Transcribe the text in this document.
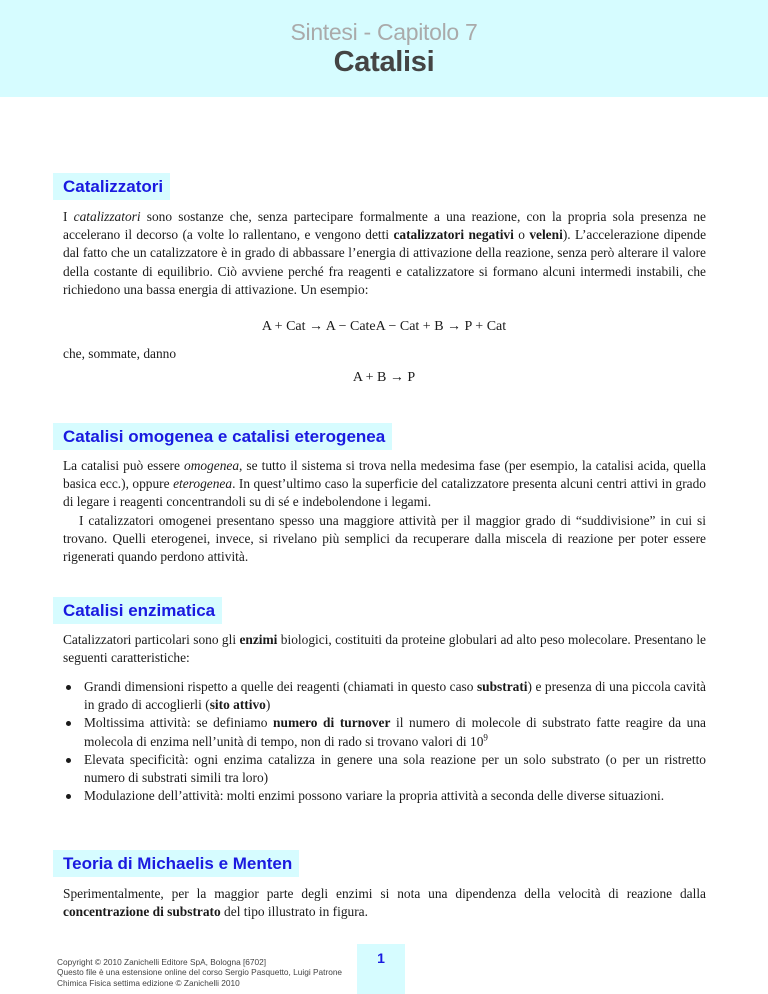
Sintesi - Capitolo 7
Catalisi
Catalizzatori
I catalizzatori sono sostanze che, senza partecipare formalmente a una reazione, con la propria sola presenza ne accelerano il decorso (a volte lo rallentano, e vengono detti catalizzatori negativi o veleni). L’accelerazione dipende dal fatto che un catalizzatore è in grado di abbassare l’energia di attivazione della reazione, senza però alterare il valore della costante di equilibrio. Ciò avviene perché fra reagenti e catalizzatore si formano alcuni intermedi instabili, che richiedono una bassa energia di attivazione. Un esempio:
A + Cat → A − CateA − Cat + B → P + Cat
che, sommate, danno
A + B → P
Catalisi omogenea e catalisi eterogenea
La catalisi può essere omogenea, se tutto il sistema si trova nella medesima fase (per esempio, la catalisi acida, quella basica ecc.), oppure eterogenea. In quest’ultimo caso la superficie del catalizzatore presenta alcuni centri attivi in grado di legare i reagenti concentrandoli su di sé e indebolendone i legami.
I catalizzatori omogenei presentano spesso una maggiore attività per il maggior grado di “suddivisione” in cui si trovano. Quelli eterogenei, invece, si rivelano più semplici da recuperare dalla miscela di reazione per poter essere rigenerati quando perdono attività.
Catalisi enzimatica
Catalizzatori particolari sono gli enzimi biologici, costituiti da proteine globulari ad alto peso molecolare. Presentano le seguenti caratteristiche:
Grandi dimensioni rispetto a quelle dei reagenti (chiamati in questo caso substrati) e presenza di una piccola cavità in grado di accoglierli (sito attivo)
Moltissima attività: se definiamo numero di turnover il numero di molecole di substrato fatte reagire da una molecola di enzima nell’unità di tempo, non di rado si trovano valori di $10^9$
Elevata specificità: ogni enzima catalizza in genere una sola reazione per un solo substrato (o per un ristretto numero di substrati simili tra loro)
Modulazione dell’attività: molti enzimi possono variare la propria attività a seconda delle diverse situazioni.
Teoria di Michaelis e Menten
Sperimentalmente, per la maggior parte degli enzimi si nota una dipendenza della velocità di reazione dalla concentrazione di substrato del tipo illustrato in figura.
Copyright © 2010 Zanichelli Editore SpA, Bologna [6702]
Questo file è una estensione online del corso Sergio Pasquetto, Luigi Patrone
Chimica Fisica settima edizione © Zanichelli 2010
1
